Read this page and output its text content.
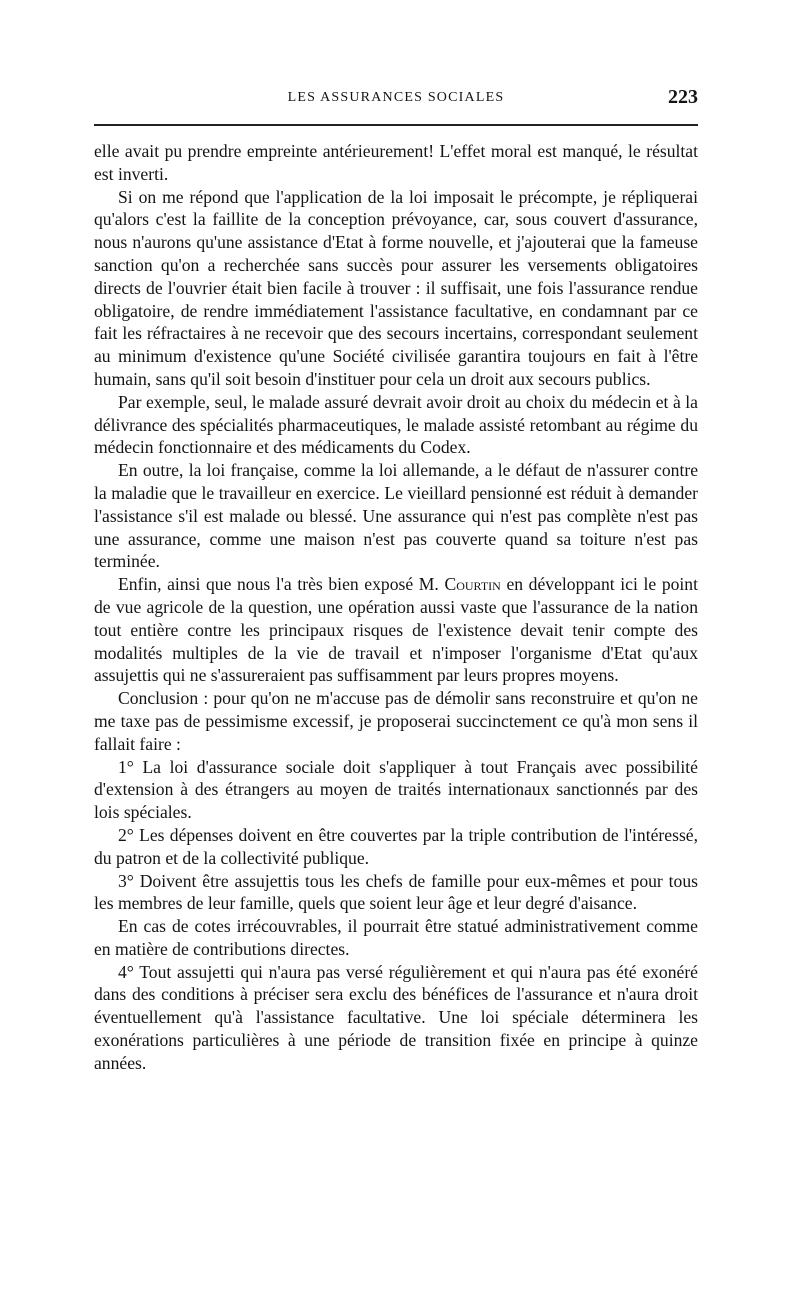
LES ASSURANCES SOCIALES	223

elle avait pu prendre empreinte antérieurement! L'effet moral est manqué, le résultat est inverti.

Si on me répond que l'application de la loi imposait le précompte, je répliquerai qu'alors c'est la faillite de la conception prévoyance, car, sous couvert d'assurance, nous n'aurons qu'une assistance d'Etat à forme nouvelle, et j'ajouterai que la fameuse sanction qu'on a recherchée sans succès pour assurer les versements obligatoires directs de l'ouvrier était bien facile à trouver : il suffisait, une fois l'assurance rendue obligatoire, de rendre immédiatement l'assistance facultative, en condamnant par ce fait les réfractaires à ne recevoir que des secours incertains, correspondant seulement au minimum d'existence qu'une Société civilisée garantira toujours en fait à l'être humain, sans qu'il soit besoin d'instituer pour cela un droit aux secours publics.

Par exemple, seul, le malade assuré devrait avoir droit au choix du médecin et à la délivrance des spécialités pharmaceutiques, le malade assisté retombant au régime du médecin fonctionnaire et des médicaments du Codex.

En outre, la loi française, comme la loi allemande, a le défaut de n'assurer contre la maladie que le travailleur en exercice. Le vieillard pensionné est réduit à demander l'assistance s'il est malade ou blessé. Une assurance qui n'est pas complète n'est pas une assurance, comme une maison n'est pas couverte quand sa toiture n'est pas terminée.

Enfin, ainsi que nous l'a très bien exposé M. Courtin en développant ici le point de vue agricole de la question, une opération aussi vaste que l'assurance de la nation tout entière contre les principaux risques de l'existence devait tenir compte des modalités multiples de la vie de travail et n'imposer l'organisme d'Etat qu'aux assujettis qui ne s'assureraient pas suffisamment par leurs propres moyens.

Conclusion : pour qu'on ne m'accuse pas de démolir sans reconstruire et qu'on ne me taxe pas de pessimisme excessif, je proposerai succinctement ce qu'à mon sens il fallait faire :

1° La loi d'assurance sociale doit s'appliquer à tout Français avec possibilité d'extension à des étrangers au moyen de traités internationaux sanctionnés par des lois spéciales.

2° Les dépenses doivent en être couvertes par la triple contribution de l'intéressé, du patron et de la collectivité publique.

3° Doivent être assujettis tous les chefs de famille pour eux-mêmes et pour tous les membres de leur famille, quels que soient leur âge et leur degré d'aisance.

En cas de cotes irrécouvrables, il pourrait être statué administrativement comme en matière de contributions directes.

4° Tout assujetti qui n'aura pas versé régulièrement et qui n'aura pas été exonéré dans des conditions à préciser sera exclu des bénéfices de l'assurance et n'aura droit éventuellement qu'à l'assistance facultative. Une loi spéciale déterminera les exonérations particulières à une période de transition fixée en principe à quinze années.
